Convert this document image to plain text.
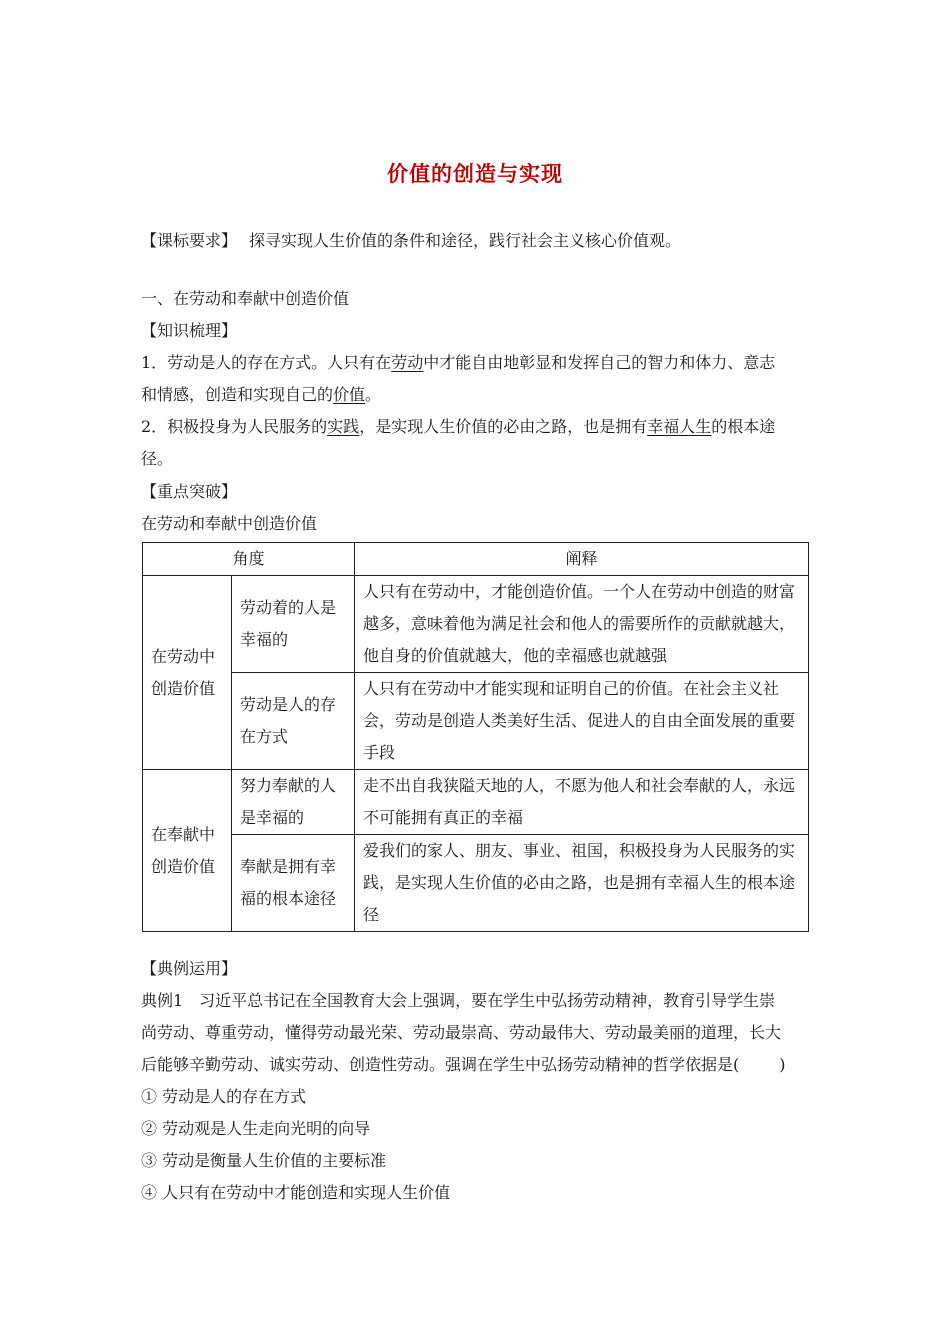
价值的创造与实现
【课标要求】 探寻实现人生价值的条件和途径，践行社会主义核心价值观。
一、在劳动和奉献中创造价值
【知识梳理】
1．劳动是人的存在方式。人只有在劳动中才能自由地彰显和发挥自己的智力和体力、意志
和情感，创造和实现自己的价值。
2．积极投身为人民服务的实践，是实现人生价值的必由之路，也是拥有幸福人生的根本途
径。
【重点突破】
在劳动和奉献中创造价值
角度		阐释
在劳动中创造价值	劳动着的人是幸福的	人只有在劳动中，才能创造价值。一个人在劳动中创造的财富越多，意味着他为满足社会和他人的需要所作的贡献就越大，他自身的价值就越大，他的幸福感也就越强
	劳动是人的存在方式	人只有在劳动中才能实现和证明自己的价值。在社会主义社会，劳动是创造人类美好生活、促进人的自由全面发展的重要手段
在奉献中创造价值	努力奉献的人是幸福的	走不出自我狭隘天地的人，不愿为他人和社会奉献的人，永远不可能拥有真正的幸福
	奉献是拥有幸福的根本途径	爱我们的家人、朋友、事业、祖国，积极投身为人民服务的实践，是实现人生价值的必由之路，也是拥有幸福人生的根本途径
【典例运用】
典例1　习近平总书记在全国教育大会上强调，要在学生中弘扬劳动精神，教育引导学生崇
尚劳动、尊重劳动，懂得劳动最光荣、劳动最崇高、劳动最伟大、劳动最美丽的道理，长大
后能够辛勤劳动、诚实劳动、创造性劳动。强调在学生中弘扬劳动精神的哲学依据是(	)
① 劳动是人的存在方式
② 劳动观是人生走向光明的向导
③ 劳动是衡量人生价值的主要标准
④ 人只有在劳动中才能创造和实现人生价值
